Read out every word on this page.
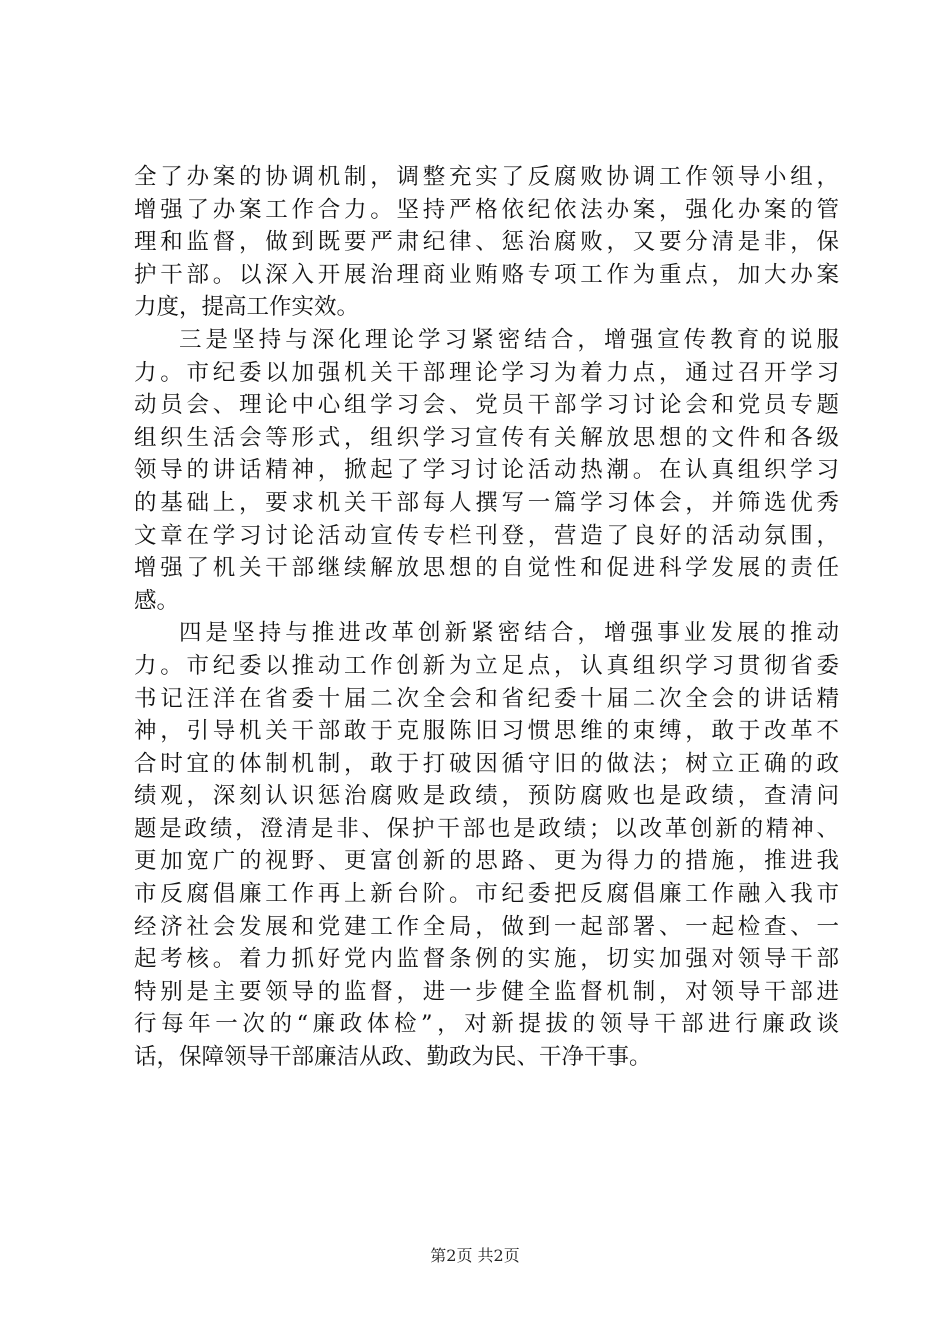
全了办案的协调机制，调整充实了反腐败协调工作领导小组，
增强了办案工作合力。坚持严格依纪依法办案，强化办案的管
理和监督，做到既要严肃纪律、惩治腐败，又要分清是非，保
护干部。以深入开展治理商业贿赂专项工作为重点，加大办案
力度，提高工作实效。
三是坚持与深化理论学习紧密结合，增强宣传教育的说服
力。市纪委以加强机关干部理论学习为着力点，通过召开学习
动员会、理论中心组学习会、党员干部学习讨论会和党员专题
组织生活会等形式，组织学习宣传有关解放思想的文件和各级
领导的讲话精神，掀起了学习讨论活动热潮。在认真组织学习
的基础上，要求机关干部每人撰写一篇学习体会，并筛选优秀
文章在学习讨论活动宣传专栏刊登，营造了良好的活动氛围，
增强了机关干部继续解放思想的自觉性和促进科学发展的责任
感。
四是坚持与推进改革创新紧密结合，增强事业发展的推动
力。市纪委以推动工作创新为立足点，认真组织学习贯彻省委
书记汪洋在省委十届二次全会和省纪委十届二次全会的讲话精
神，引导机关干部敢于克服陈旧习惯思维的束缚，敢于改革不
合时宜的体制机制，敢于打破因循守旧的做法；树立正确的政
绩观，深刻认识惩治腐败是政绩，预防腐败也是政绩，查清问
题是政绩，澄清是非、保护干部也是政绩；以改革创新的精神、
更加宽广的视野、更富创新的思路、更为得力的措施，推进我
市反腐倡廉工作再上新台阶。市纪委把反腐倡廉工作融入我市
经济社会发展和党建工作全局，做到一起部署、一起检查、一
起考核。着力抓好党内监督条例的实施，切实加强对领导干部
特别是主要领导的监督，进一步健全监督机制，对领导干部进
行每年一次的“廉政体检”，对新提拔的领导干部进行廉政谈
话，保障领导干部廉洁从政、勤政为民、干净干事。
第2页 共2页
